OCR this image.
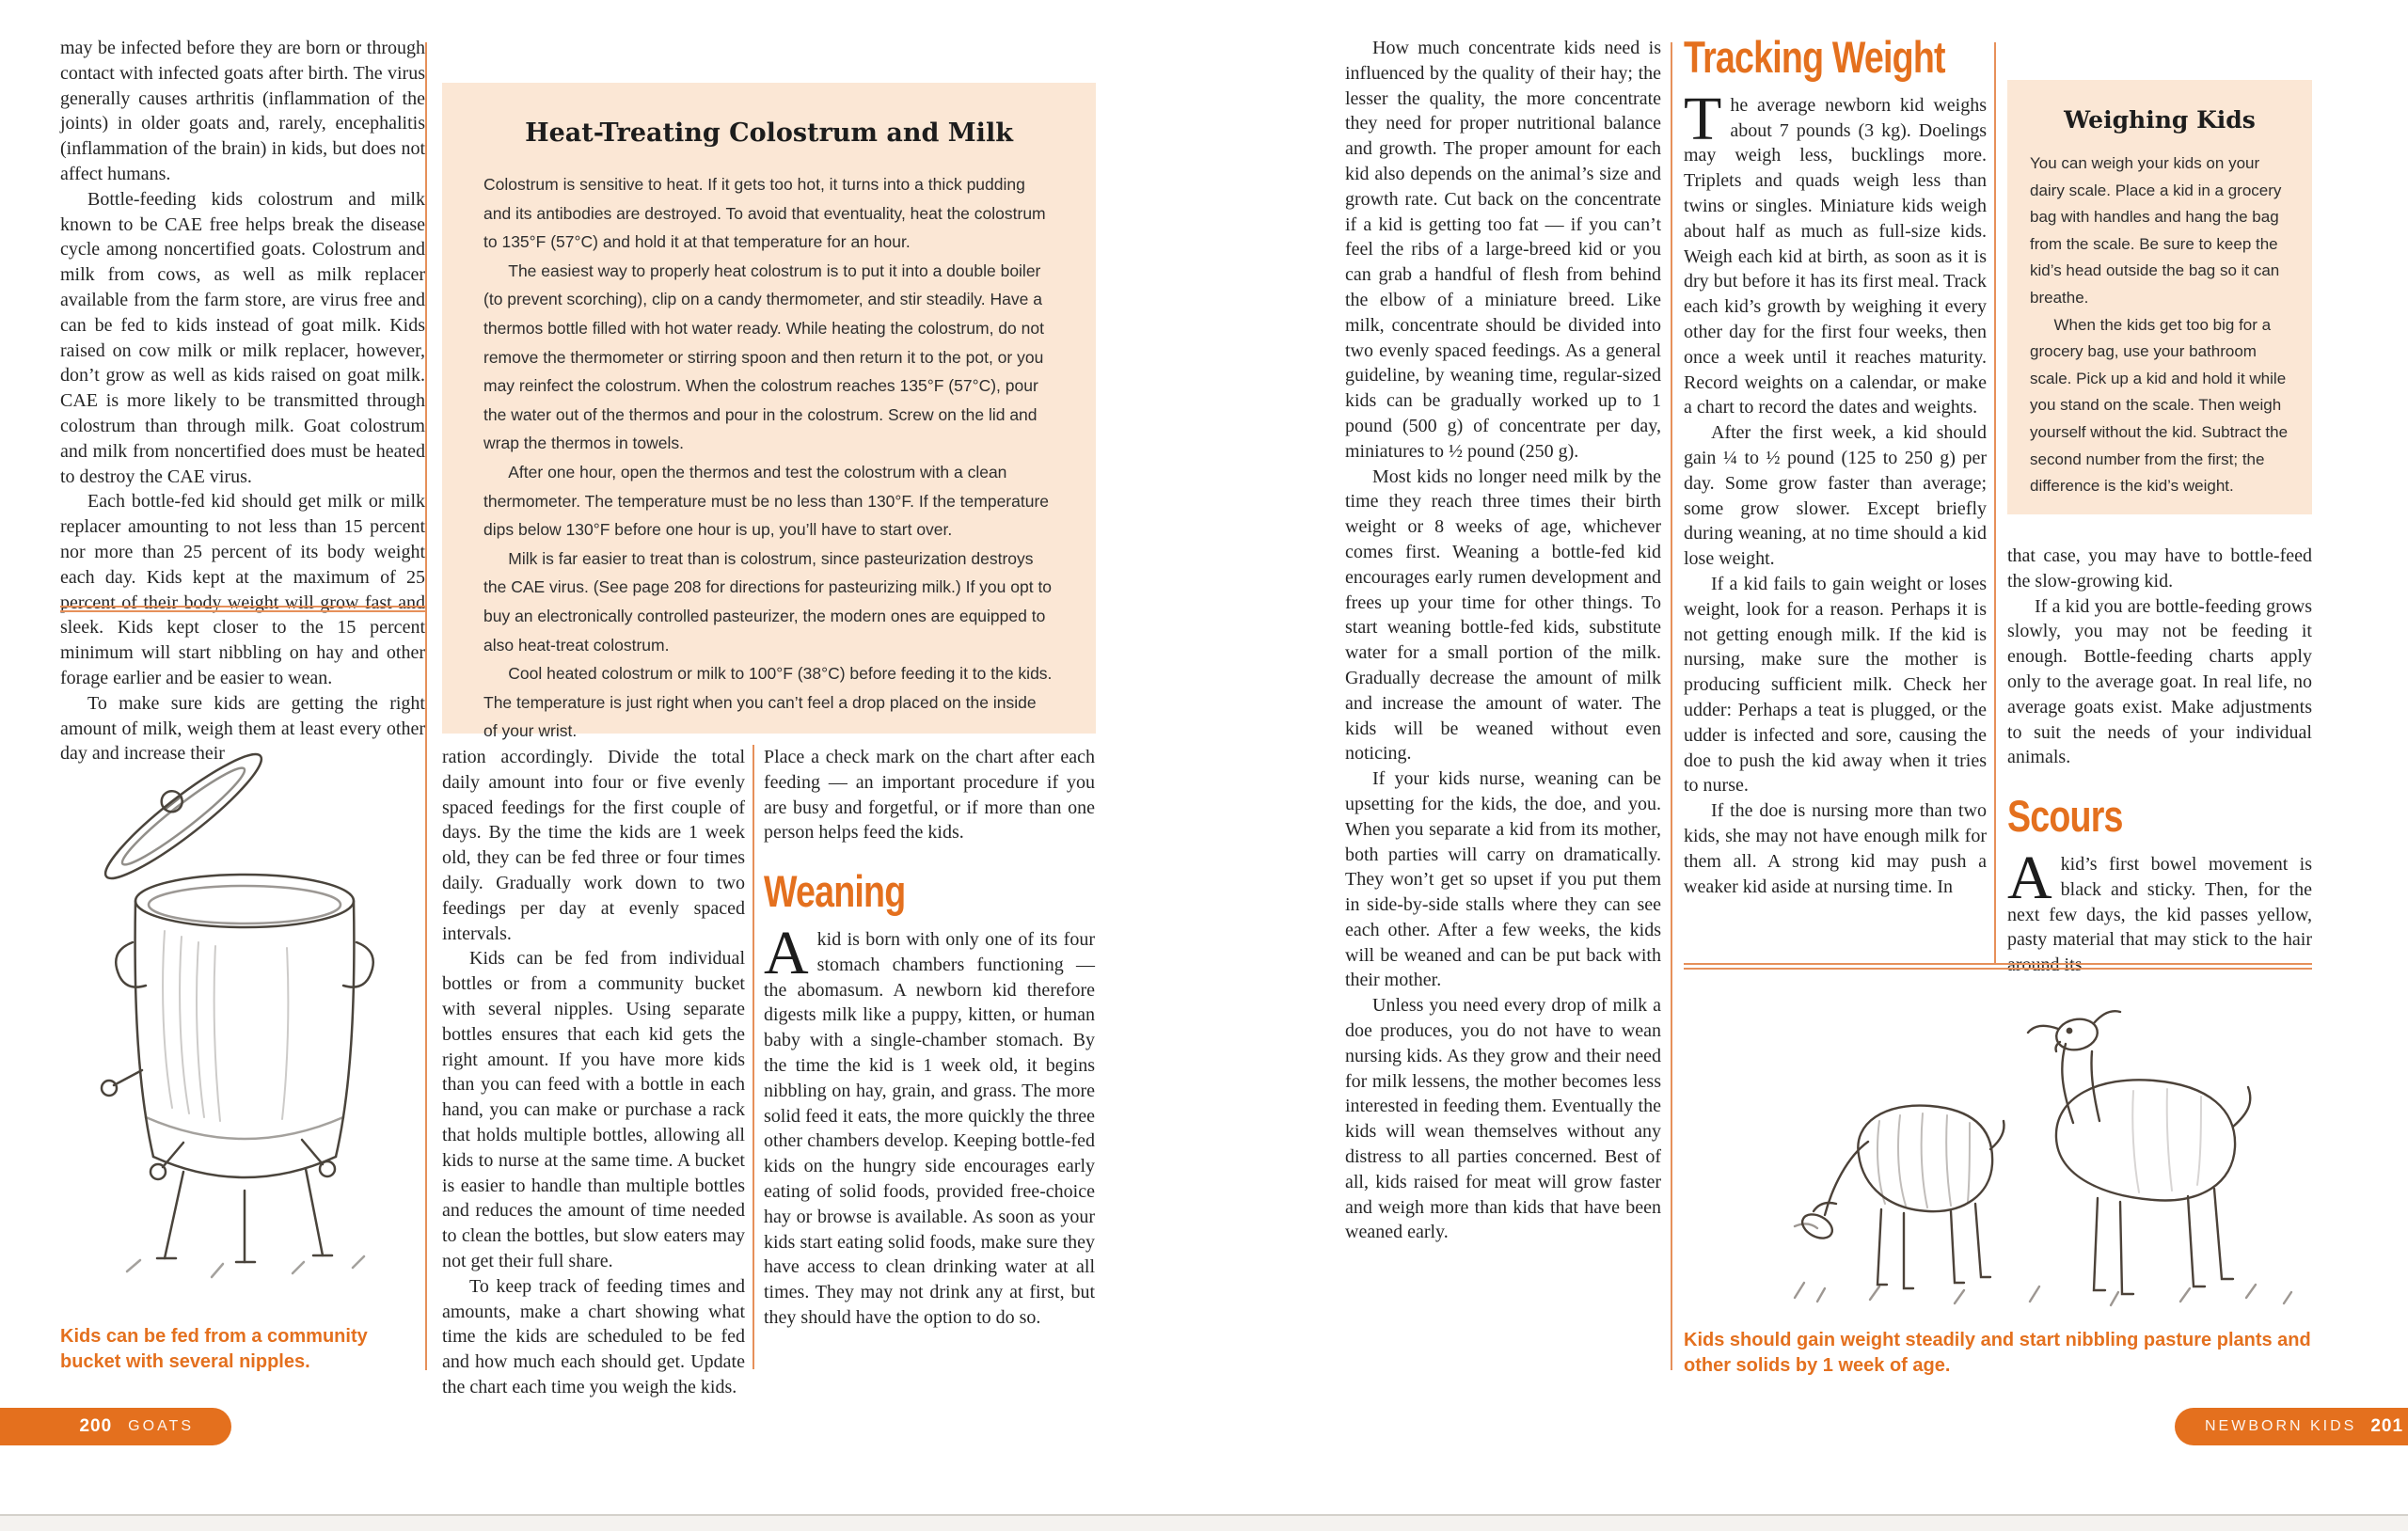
may be infected before they are born or through contact with infected goats after birth. The virus generally causes arthritis (inflammation of the joints) in older goats and, rarely, encephalitis (inflammation of the brain) in kids, but does not affect humans.

Bottle-feeding kids colostrum and milk known to be CAE free helps break the disease cycle among noncertified goats. Colostrum and milk from cows, as well as milk replacer available from the farm store, are virus free and can be fed to kids instead of goat milk. Kids raised on cow milk or milk replacer, however, don’t grow as well as kids raised on goat milk. CAE is more likely to be transmitted through colostrum than through milk. Goat colostrum and milk from noncertified does must be heated to destroy the CAE virus.

Each bottle-fed kid should get milk or milk replacer amounting to not less than 15 percent nor more than 25 percent of its body weight each day. Kids kept at the maximum of 25 percent of their body weight will grow fast and sleek. Kids kept closer to the 15 percent minimum will start nibbling on hay and other forage earlier and be easier to wean.

To make sure kids are getting the right amount of milk, weigh them at least every other day and increase their

Heat-Treating Colostrum and Milk

Colostrum is sensitive to heat. If it gets too hot, it turns into a thick pudding and its antibodies are destroyed. To avoid that eventuality, heat the colostrum to 135°F (57°C) and hold it at that temperature for an hour.

The easiest way to properly heat colostrum is to put it into a double boiler (to prevent scorching), clip on a candy thermometer, and stir steadily. Have a thermos bottle filled with hot water ready. While heating the colostrum, do not remove the thermometer or stirring spoon and then return it to the pot, or you may reinfect the colostrum. When the colostrum reaches 135°F (57°C), pour the water out of the thermos and pour in the colostrum. Screw on the lid and wrap the thermos in towels.

After one hour, open the thermos and test the colostrum with a clean thermometer. The temperature must be no less than 130°F. If the temperature dips below 130°F before one hour is up, you’ll have to start over.

Milk is far easier to treat than is colostrum, since pasteurization destroys the CAE virus. (See page 208 for directions for pasteurizing milk.) If you opt to buy an electronically controlled pasteurizer, the modern ones are equipped to also heat-treat colostrum.

Cool heated colostrum or milk to 100°F (38°C) before feeding it to the kids. The temperature is just right when you can’t feel a drop placed on the inside of your wrist.

ration accordingly. Divide the total daily amount into four or five evenly spaced feedings for the first couple of days. By the time the kids are 1 week old, they can be fed three or four times daily. Gradually work down to two feedings per day at evenly spaced intervals.

Kids can be fed from individual bottles or from a community bucket with several nipples. Using separate bottles ensures that each kid gets the right amount. If you have more kids than you can feed with a bottle in each hand, you can make or purchase a rack that holds multiple bottles, allowing all kids to nurse at the same time. A bucket is easier to handle than multiple bottles and reduces the amount of time needed to clean the bottles, but slow eaters may not get their full share.

To keep track of feeding times and amounts, make a chart showing what time the kids are scheduled to be fed and how much each should get. Update the chart each time you weigh the kids.

Place a check mark on the chart after each feeding — an important procedure if you are busy and forgetful, or if more than one person helps feed the kids.

Weaning

Akid is born with only one of its four stomach chambers functioning — the abomasum. A newborn kid therefore digests milk like a puppy, kitten, or human baby with a single-chamber stomach. By the time the kid is 1 week old, it begins nibbling on hay, grain, and grass. The more solid feed it eats, the more quickly the three other chambers develop. Keeping bottle-fed kids on the hungry side encourages early eating of solid foods, provided free-choice hay or browse is available. As soon as your kids start eating solid foods, make sure they have access to clean drinking water at all times. They may not drink any at first, but they should have the option to do so.

Kids can be fed from a community bucket with several nipples.
200 GOATS

How much concentrate kids need is influenced by the quality of their hay; the lesser the quality, the more concentrate they need for proper nutritional balance and growth. The proper amount for each kid also depends on the animal’s size and growth rate. Cut back on the concentrate if a kid is getting too fat — if you can’t feel the ribs of a large-breed kid or you can grab a handful of flesh from behind the elbow of a miniature breed. Like milk, concentrate should be divided into two evenly spaced feedings. As a general guideline, by weaning time, regular-sized kids can be gradually worked up to 1 pound (500 g) of concentrate per day, miniatures to ½ pound (250 g).

Most kids no longer need milk by the time they reach three times their birth weight or 8 weeks of age, whichever comes first. Weaning a bottle-fed kid encourages early rumen development and frees up your time for other things. To start weaning bottle-fed kids, substitute water for a small portion of the milk. Gradually decrease the amount of milk and increase the amount of water. The kids will be weaned without even noticing.

If your kids nurse, weaning can be upsetting for the kids, the doe, and you. When you separate a kid from its mother, both parties will carry on dramatically. They won’t get so upset if you put them in side-by-side stalls where they can see each other. After a few weeks, the kids will be weaned and can be put back with their mother.

Unless you need every drop of milk a doe produces, you do not have to wean nursing kids. As they grow and their need for milk lessens, the mother becomes less interested in feeding them. Eventually the kids will wean themselves without any distress to all parties concerned. Best of all, kids raised for meat will grow faster and weigh more than kids that have been weaned early.

Tracking Weight

The average newborn kid weighs about 7 pounds (3 kg). Doelings may weigh less, bucklings more. Triplets and quads weigh less than twins or singles. Miniature kids weigh about half as much as full-size kids. Weigh each kid at birth, as soon as it is dry but before it has its first meal. Track each kid’s growth by weighing it every other day for the first four weeks, then once a week until it reaches maturity. Record weights on a calendar, or make a chart to record the dates and weights.

After the first week, a kid should gain ¼ to ½ pound (125 to 250 g) per day. Some grow faster than average; some grow slower. Except briefly during weaning, at no time should a kid lose weight.

If a kid fails to gain weight or loses weight, look for a reason. Perhaps it is not getting enough milk. If the kid is nursing, make sure the mother is producing sufficient milk. Check her udder: Perhaps a teat is plugged, or the udder is infected and sore, causing the doe to push the kid away when it tries to nurse.

If the doe is nursing more than two kids, she may not have enough milk for them all. A strong kid may push a weaker kid aside at nursing time. In

Weighing Kids

You can weigh your kids on your dairy scale. Place a kid in a grocery bag with handles and hang the bag from the scale. Be sure to keep the kid’s head outside the bag so it can breathe.

When the kids get too big for a grocery bag, use your bathroom scale. Pick up a kid and hold it while you stand on the scale. Then weigh yourself without the kid. Subtract the second number from the first; the difference is the kid’s weight.

that case, you may have to bottle-feed the slow-growing kid.

If a kid you are bottle-feeding grows slowly, you may not be feeding it enough. Bottle-feeding charts apply only to the average goat. In real life, no average goats exist. Make adjustments to suit the needs of your individual animals.

Scours

Akid’s first bowel movement is black and sticky. Then, for the next few days, the kid passes yellow, pasty material that may stick to the hair around its

Kids should gain weight steadily and start nibbling pasture plants and other solids by 1 week of age.
NEWBORN KIDS 201
